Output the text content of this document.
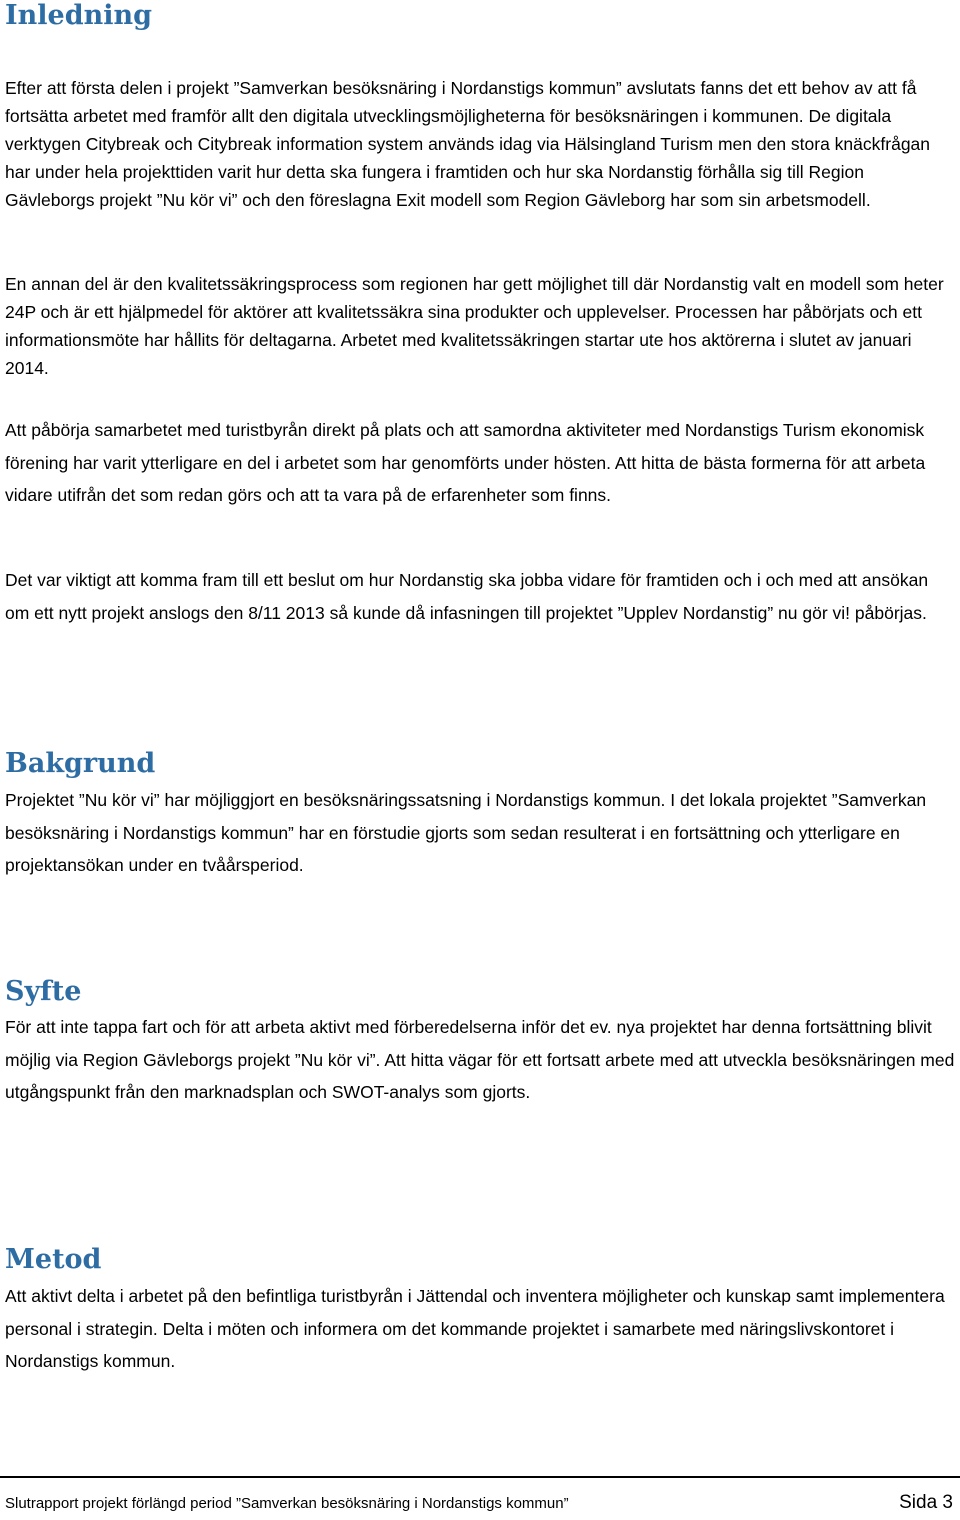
Inledning

Efter att första delen i projekt ”Samverkan besöksnäring i Nordanstigs kommun” avslutats fanns det ett behov av att få fortsätta arbetet med framför allt den digitala utvecklingsmöjligheterna för besöksnäringen i kommunen. De digitala verktygen Citybreak och Citybreak information system används idag via Hälsingland Turism men den stora knäckfrågan har under hela projekttiden varit hur detta ska fungera i framtiden och hur ska Nordanstig förhålla sig till Region Gävleborgs projekt ”Nu kör vi” och den föreslagna Exit modell som Region Gävleborg har som sin arbetsmodell.

En annan del är den kvalitetssäkringsprocess som regionen har gett möjlighet till där Nordanstig valt en modell som heter 24P och är ett hjälpmedel för aktörer att kvalitetssäkra sina produkter och upplevelser. Processen har påbörjats och ett informationsmöte har hållits för deltagarna. Arbetet med kvalitetssäkringen startar ute hos aktörerna i slutet av januari 2014.

Att påbörja samarbetet med turistbyrån direkt på plats och att samordna aktiviteter med Nordanstigs Turism ekonomisk förening har varit ytterligare en del i arbetet som har genomförts under hösten. Att hitta de bästa formerna för att arbeta vidare utifrån det som redan görs och att ta vara på de erfarenheter som finns.

Det var viktigt att komma fram till ett beslut om hur Nordanstig ska jobba vidare för framtiden och i och med att ansökan om ett nytt projekt anslogs den 8/11 2013 så kunde då infasningen till projektet ”Upplev Nordanstig” nu gör vi! påbörjas.

Bakgrund

Projektet ”Nu kör vi” har möjliggjort en besöksnäringssatsning i Nordanstigs kommun. I det lokala projektet ”Samverkan besöksnäring i Nordanstigs kommun” har en förstudie gjorts som sedan resulterat i en fortsättning och ytterligare en projektansökan under en tvåårsperiod.

Syfte

För att inte tappa fart och för att arbeta aktivt med förberedelserna inför det ev. nya projektet har denna fortsättning blivit möjlig via Region Gävleborgs projekt ”Nu kör vi”. Att hitta vägar för ett fortsatt arbete med att utveckla besöksnäringen med utgångspunkt från den marknadsplan och SWOT-analys som gjorts.

Metod

Att aktivt delta i arbetet på den befintliga turistbyrån i Jättendal och inventera möjligheter och kunskap samt implementera personal i strategin. Delta i möten och informera om det kommande projektet i samarbete med näringslivskontoret i Nordanstigs kommun.

Slutrapport projekt förlängd period ”Samverkan besöksnäring i Nordanstigs kommun”	Sida 3
